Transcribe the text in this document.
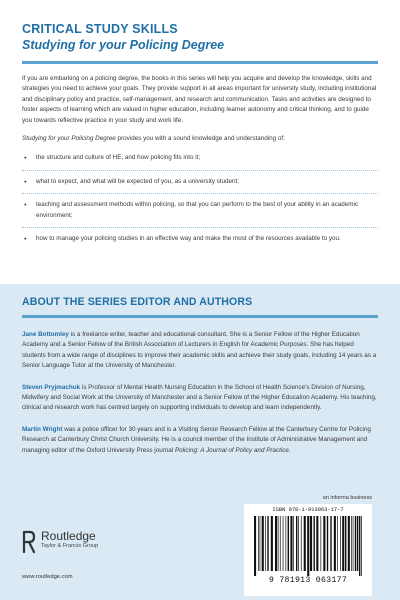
CRITICAL STUDY SKILLS
Studying for your Policing Degree

If you are embarking on a policing degree, the books in this series will help you acquire and develop the knowledge, skills and strategies you need to achieve your goals. They provide support in all areas important for university study, including institutional and disciplinary policy and practice, self-management, and research and communication. Tasks and activities are designed to foster aspects of learning which are valued in higher education, including learner autonomy and critical thinking, and to guide you towards reflective practice in your study and work life.

Studying for your Policing Degree provides you with a sound knowledge and understanding of:

● the structure and culture of HE, and how policing fits into it;
● what to expect, and what will be expected of you, as a university student;
● teaching and assessment methods within policing, so that you can perform to the best of your ability in an academic environment;
● how to manage your policing studies in an effective way and make the most of the resources available to you.
ABOUT THE SERIES EDITOR AND AUTHORS

Jane Bottomley is a freelance writer, teacher and educational consultant. She is a Senior Fellow of the Higher Education Academy and a Senior Fellow of the British Association of Lecturers in English for Academic Purposes. She has helped students from a wide range of disciplines to improve their academic skills and achieve their study goals, including 14 years as a Senior Language Tutor at the University of Manchester.

Steven Pryjmachuk is Professor of Mental Health Nursing Education in the School of Health Science's Division of Nursing, Midwifery and Social Work at the University of Manchester and a Senior Fellow of the Higher Education Academy. His teaching, clinical and research work has centred largely on supporting individuals to develop and learn independently.

Martin Wright was a police officer for 30 years and is a Visiting Senior Research Fellow at the Canterbury Centre for Policing Research at Canterbury Christ Church University. He is a council member of the Institute of Administrative Management and managing editor of the Oxford University Press journal Policing: A Journal of Policy and Practice.

Routledge
Taylor & Francis Group
www.routledge.com
an informa business
ISBN 978-1-913063-17-7
9 781913 063177
